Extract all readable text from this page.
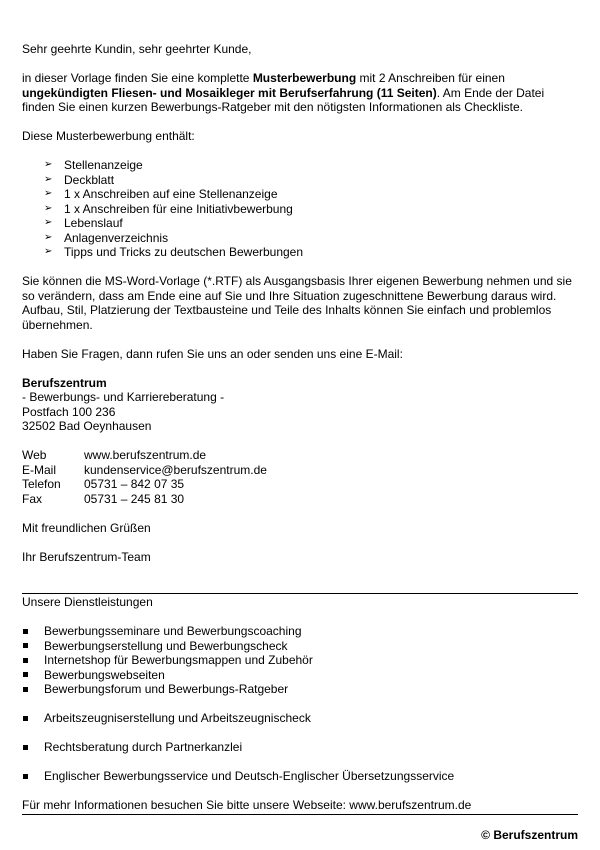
Sehr geehrte Kundin, sehr geehrter Kunde,

in dieser Vorlage finden Sie eine komplette Musterbewerbung mit 2 Anschreiben für einen ungekündigten Fliesen- und Mosaikleger mit Berufserfahrung (11 Seiten). Am Ende der Datei finden Sie einen kurzen Bewerbungs-Ratgeber mit den nötigsten Informationen als Checkliste.

Diese Musterbewerbung enthält:

➢ Stellenanzeige
➢ Deckblatt
➢ 1 x Anschreiben auf eine Stellenanzeige
➢ 1 x Anschreiben für eine Initiativbewerbung
➢ Lebenslauf
➢ Anlagenverzeichnis
➢ Tipps und Tricks zu deutschen Bewerbungen

Sie können die MS-Word-Vorlage (*.RTF) als Ausgangsbasis Ihrer eigenen Bewerbung nehmen und sie so verändern, dass am Ende eine auf Sie und Ihre Situation zugeschnittene Bewerbung daraus wird. Aufbau, Stil, Platzierung der Textbausteine und Teile des Inhalts können Sie einfach und problemlos übernehmen.

Haben Sie Fragen, dann rufen Sie uns an oder senden uns eine E-Mail:

Berufszentrum

- Bewerbungs- und Karriereberatung -

Postfach 100 236

32502 Bad Oeynhausen

Web	www.berufszentrum.de
E-Mail	kundenservice@berufszentrum.de
Telefon	05731 – 842 07 35
Fax	05731 – 245 81 30

Mit freundlichen Grüßen

Ihr Berufszentrum-Team

Unsere Dienstleistungen

Bewerbungsseminare und Bewerbungscoaching
Bewerbungserstellung und Bewerbungscheck
Internetshop für Bewerbungsmappen und Zubehör
Bewerbungswebseiten
Bewerbungsforum und Bewerbungs-Ratgeber
Arbeitszeugniserstellung und Arbeitszeugnischeck
Rechtsberatung durch Partnerkanzlei
Englischer Bewerbungsservice und Deutsch-Englischer Übersetzungsservice

Für mehr Informationen besuchen Sie bitte unsere Webseite: www.berufszentrum.de

© Berufszentrum
